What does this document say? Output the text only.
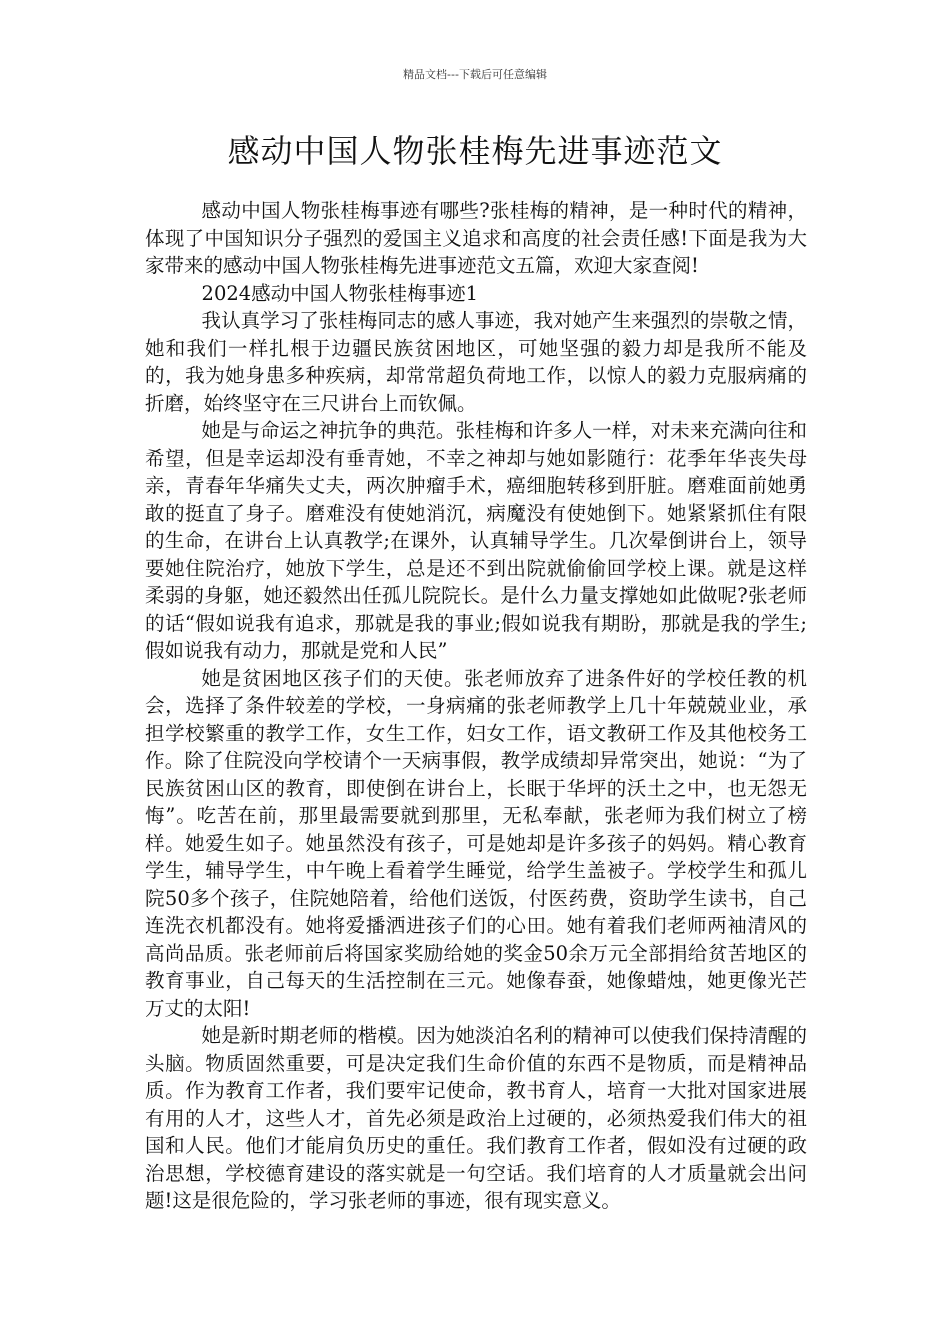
精品文档---下载后可任意编辑
感动中国人物张桂梅先进事迹范文

感动中国人物张桂梅事迹有哪些?张桂梅的精神，是一种时代的精神，体现了中国知识分子强烈的爱国主义追求和高度的社会责任感!下面是我为大家带来的感动中国人物张桂梅先进事迹范文五篇，欢迎大家查阅!

2024感动中国人物张桂梅事迹1

我认真学习了张桂梅同志的感人事迹，我对她产生来强烈的崇敬之情，她和我们一样扎根于边疆民族贫困地区，可她坚强的毅力却是我所不能及的，我为她身患多种疾病，却常常超负荷地工作，以惊人的毅力克服病痛的折磨，始终坚守在三尺讲台上而钦佩。

她是与命运之神抗争的典范。张桂梅和许多人一样，对未来充满向往和希望，但是幸运却没有垂青她，不幸之神却与她如影随行：花季年华丧失母亲，青春年华痛失丈夫，两次肿瘤手术，癌细胞转移到肝脏。磨难面前她勇敢的挺直了身子。磨难没有使她消沉，病魔没有使她倒下。她紧紧抓住有限的生命，在讲台上认真教学;在课外，认真辅导学生。几次晕倒讲台上，领导要她住院治疗，她放下学生，总是还不到出院就偷偷回学校上课。就是这样柔弱的身躯，她还毅然出任孤儿院院长。是什么力量支撑她如此做呢?张老师的话“假如说我有追求，那就是我的事业;假如说我有期盼，那就是我的学生;假如说我有动力，那就是党和人民”

她是贫困地区孩子们的天使。张老师放弃了进条件好的学校任教的机会，选择了条件较差的学校，一身病痛的张老师教学上几十年兢兢业业，承担学校繁重的教学工作，女生工作，妇女工作，语文教研工作及其他校务工作。除了住院没向学校请个一天病事假，教学成绩却异常突出，她说：“为了民族贫困山区的教育，即使倒在讲台上，长眠于华坪的沃土之中，也无怨无悔”。吃苦在前，那里最需要就到那里，无私奉献，张老师为我们树立了榜样。她爱生如子。她虽然没有孩子，可是她却是许多孩子的妈妈。精心教育学生，辅导学生，中午晚上看着学生睡觉，给学生盖被子。学校学生和孤儿院50多个孩子，住院她陪着，给他们送饭，付医药费，资助学生读书，自己连洗衣机都没有。她将爱播洒进孩子们的心田。她有着我们老师两袖清风的高尚品质。张老师前后将国家奖励给她的奖金50余万元全部捐给贫苦地区的教育事业，自己每天的生活控制在三元。她像春蚕，她像蜡烛，她更像光芒万丈的太阳!

她是新时期老师的楷模。因为她淡泊名利的精神可以使我们保持清醒的头脑。物质固然重要，可是决定我们生命价值的东西不是物质，而是精神品质。作为教育工作者，我们要牢记使命，教书育人，培育一大批对国家进展有用的人才，这些人才，首先必须是政治上过硬的，必须热爱我们伟大的祖国和人民。他们才能肩负历史的重任。我们教育工作者，假如没有过硬的政治思想，学校德育建设的落实就是一句空话。我们培育的人才质量就会出问题!这是很危险的，学习张老师的事迹，很有现实意义。
